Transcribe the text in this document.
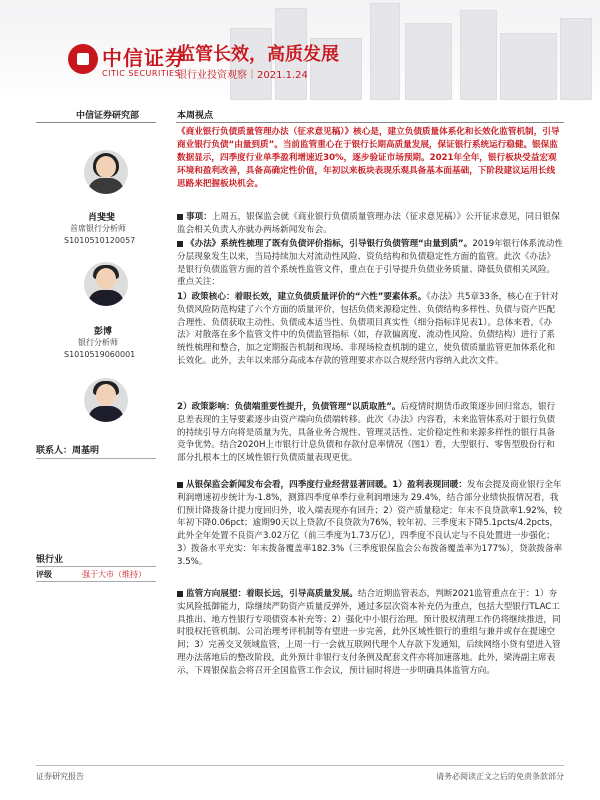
中信证券
CITIC SECURITIES
监管长效，高质发展
银行业投资观察｜2021.1.24
中信证券研究部	本周视点
肖斐斐
首席银行分析师
S1010510120057
彭博
银行分析师
S1010519060001
联系人：周基明
银行业
评级	强于大市（维持）
《商业银行负债质量管理办法（征求意见稿）》核心是，建立负债质量体系化和长效化监管机制，引导商业银行负债“由量到质”。当前监管重心在于银行长期高质量发展，保证银行系统运行稳健。银保监数据显示，四季度行业单季盈利增速近30%，逐步验证市场预期。2021年全年，银行板块受益宏观环境和盈利改善，具备高确定性价值，年初以来板块表现乐观具备基本面基础，下阶段建议运用长线思路来把握板块机会。
事项：上周五，银保监会就《商业银行负债质量管理办法（征求意见稿）》公开征求意见，同日银保监会相关负责人亦就办两场新闻发布会。
《办法》系统性梳理了既有负债评价指标，引导银行负债管理“由量到质”。2019年银行体系流动性分层现象发生以来，当局持续加大对流动性风险、资负结构和负债稳定性方面的监管。此次《办法》是银行负债监管方面的首个系统性监管文件，重点在于引导提升负债业务质量、降低负债相关风险。重点关注：
1）政策核心：着眼长效，建立负债质量评价的“六性”要素体系。《办法》共5章33条，核心在于针对负债风险防范构建了六个方面的质量评价，包括负债来源稳定性、负债结构多样性、负债与资产匹配合理性、负债获取主动性、负债成本适当性、负债项目真实性（细分指标详见表1）。总体来看，《办法》对散落在多个监管文件中的负债监管指标（如，存款偏离度、流动性风险、负债结构）进行了系统性梳理和整合，加之定期报告机制和现场、非现场检查机制的建立，使负债质量监管更加体系化和长效化。此外，去年以来部分高成本存款的管理要求亦以合规经营内容纳入此次文件。
2）政策影响：负债端重要性提升，负债管理“以质取胜”。后疫情时期货币政策逐步回归常态，银行息差表现的主导要素逐步由资产端向负债端转移。此次《办法》内容看，未来监管体系对于银行负债的持续引导方向将是质量为先，具备业务合规性、管理灵活性、定价稳定性和来源多样性的银行具备竞争优势。结合2020H上市银行计息负债和存款付息率情况（图1）看，大型银行、零售型股份行和部分扎根本土的区域性银行负债质量表现更优。
从银保监会新闻发布会看，四季度行业经营显著回暖。1）盈利表现回暖：发布会提及商业银行全年利润增速初步统计为-1.8%，测算四季度单季行业利润增速为 29.4%，结合部分业绩快报情况看，我们预计降拨备计提力度回归外，收入端表现亦有回升；2）资产质量稳定：年末不良贷款率1.92%，较年初下降0.06pct；逾期90天以上贷款/不良贷款为76%，较年初、三季度末下降5.1pcts/4.2pcts，此外全年处置不良资产3.02万亿（前三季度为1.73万亿），四季度不良认定与不良处置进一步强化；3）拨备水平充实：年末拨备覆盖率182.3%（三季度银保监会公布拨备覆盖率为177%），贷款拨备率3.5%。
监管方向展望：着眼长远，引导高质量发展。结合近期监管表态，判断2021监管重点在于：1）夯实风险抵御能力，除继续严防资产质量反弹外，通过多层次资本补充仍为重点，包括大型银行TLAC工具推出、地方性银行专项债资本补充等；2）强化中小银行治理。预计股权清理工作仍将继续推进，同时股权托管机制、公司治理考评机制等有望进一步完善，此外区域性银行的重组与兼并或存在提速空间；3）完善交叉领域监管，上周一行一会就互联网代理个人存款下发通知，后续网络小贷有望进入管理办法落地后的整改阶段，此外预计非银行支付条例及配套文件亦将加速落地。此外，梁涛副主席表示，下周银保监会将召开全国监管工作会议，预计届时将进一步明确具体监管方向。
证券研究报告	请务必阅读正文之后的免责条款部分
